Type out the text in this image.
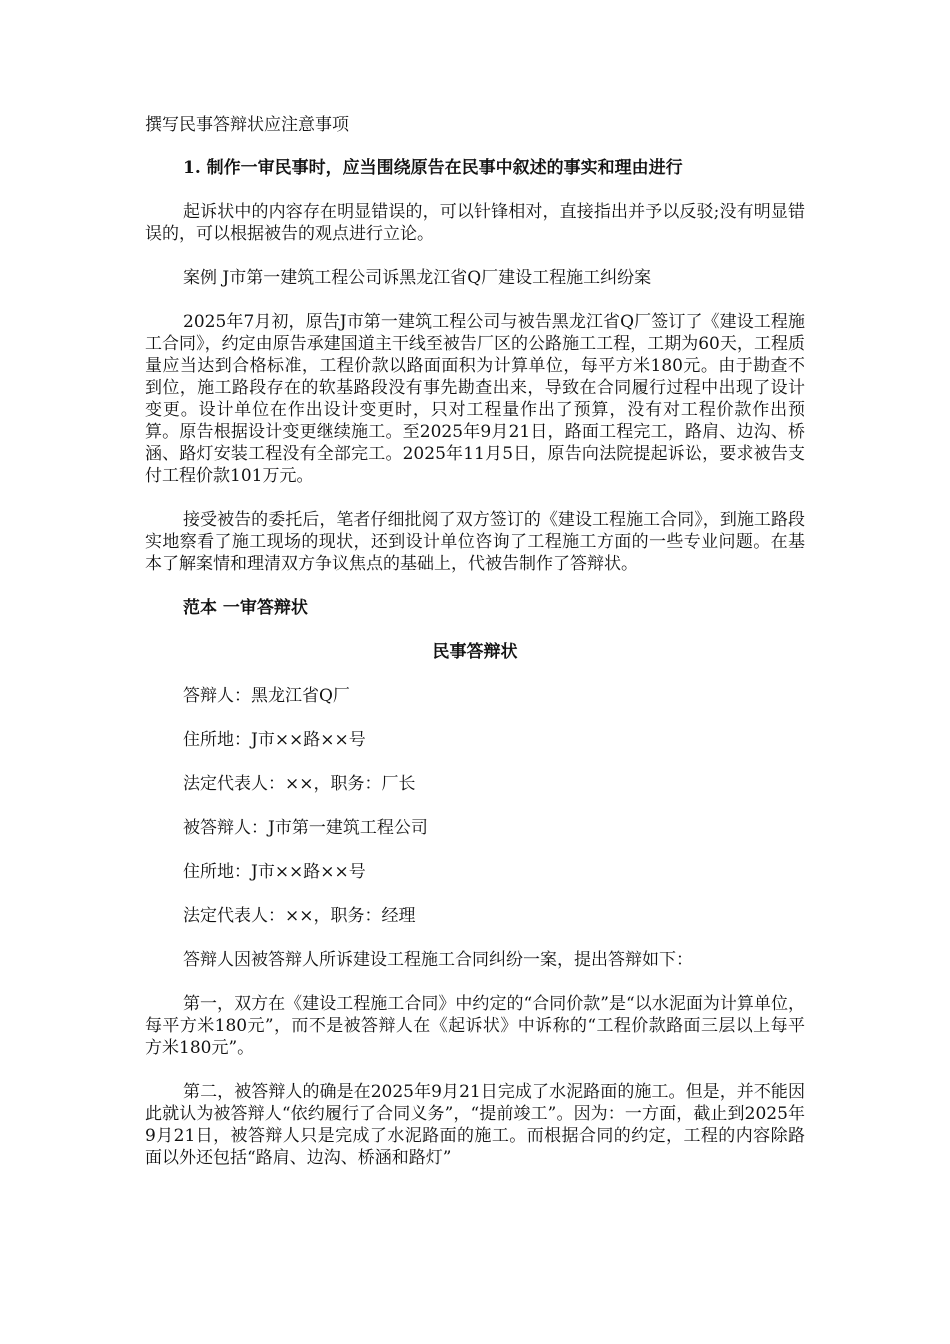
撰写民事答辩状应注意事项
1. 制作一审民事时，应当围绕原告在民事中叙述的事实和理由进行

起诉状中的内容存在明显错误的，可以针锋相对，直接指出并予以反驳;没有明显错误的，可以根据被告的观点进行立论。

案例 J市第一建筑工程公司诉黑龙江省Q厂建设工程施工纠纷案

2025年7月初，原告J市第一建筑工程公司与被告黑龙江省Q厂签订了《建设工程施工合同》，约定由原告承建国道主干线至被告厂区的公路施工工程，工期为60天，工程质量应当达到合格标准，工程价款以路面面积为计算单位，每平方米180元。由于勘查不到位，施工路段存在的软基路段没有事先勘查出来，导致在合同履行过程中出现了设计变更。设计单位在作出设计变更时，只对工程量作出了预算，没有对工程价款作出预算。原告根据设计变更继续施工。至2025年9月21日，路面工程完工，路肩、边沟、桥涵、路灯安装工程没有全部完工。2025年11月5日，原告向法院提起诉讼，要求被告支付工程价款101万元。

接受被告的委托后，笔者仔细批阅了双方签订的《建设工程施工合同》，到施工路段实地察看了施工现场的现状，还到设计单位咨询了工程施工方面的一些专业问题。在基本了解案情和理清双方争议焦点的基础上，代被告制作了答辩状。

范本 一审答辩状
民事答辩状

答辩人：黑龙江省Q厂

住所地：J市××路××号

法定代表人：××，职务：厂长

被答辩人：J市第一建筑工程公司

住所地：J市××路××号

法定代表人：××，职务：经理

答辩人因被答辩人所诉建设工程施工合同纠纷一案，提出答辩如下：

第一，双方在《建设工程施工合同》中约定的“合同价款”是“以水泥面为计算单位，每平方米180元”，而不是被答辩人在《起诉状》中诉称的“工程价款路面三层以上每平方米180元”。

第二，被答辩人的确是在2025年9月21日完成了水泥路面的施工。但是，并不能因此就认为被答辩人“依约履行了合同义务”，“提前竣工”。因为：一方面，截止到2025年9月21日，被答辩人只是完成了水泥路面的施工。而根据合同的约定，工程的内容除路面以外还包括“路肩、边沟、桥涵和路灯”
